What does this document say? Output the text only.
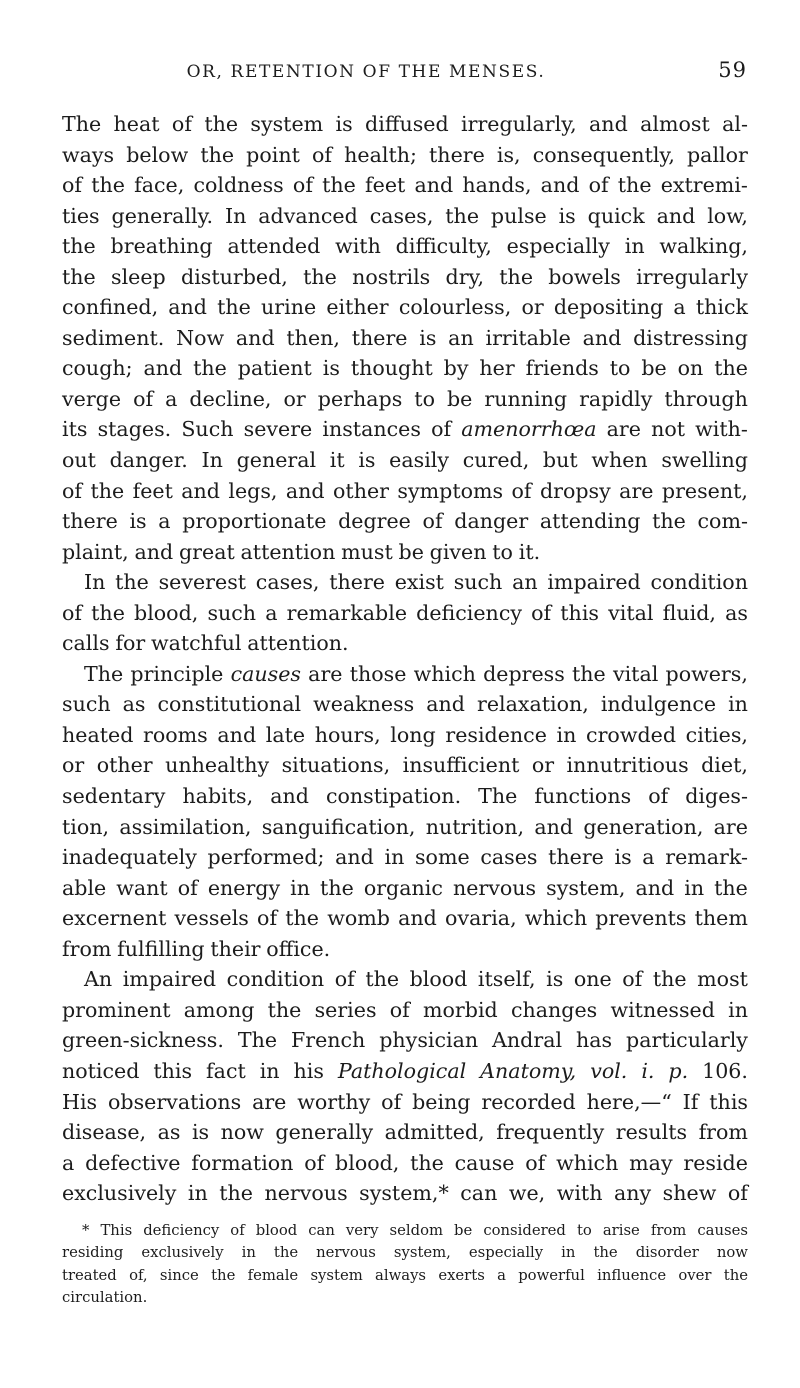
OR, RETENTION OF THE MENSES.	59
The heat of the system is diffused irregularly, and almost al-
ways below the point of health; there is, consequently, pallor
of the face, coldness of the feet and hands, and of the extremi-
ties generally. In advanced cases, the pulse is quick and low,
the breathing attended with difficulty, especially in walking,
the sleep disturbed, the nostrils dry, the bowels irregularly
confined, and the urine either colourless, or depositing a thick
sediment. Now and then, there is an irritable and distressing
cough; and the patient is thought by her friends to be on the
verge of a decline, or perhaps to be running rapidly through
its stages. Such severe instances of amenorrhœa are not with-
out danger. In general it is easily cured, but when swelling
of the feet and legs, and other symptoms of dropsy are present,
there is a proportionate degree of danger attending the com-
plaint, and great attention must be given to it.
In the severest cases, there exist such an impaired condition
of the blood, such a remarkable deficiency of this vital fluid, as
calls for watchful attention.
The principle causes are those which depress the vital powers,
such as constitutional weakness and relaxation, indulgence in
heated rooms and late hours, long residence in crowded cities,
or other unhealthy situations, insufficient or innutritious diet,
sedentary habits, and constipation. The functions of diges-
tion, assimilation, sanguification, nutrition, and generation, are
inadequately performed; and in some cases there is a remark-
able want of energy in the organic nervous system, and in the
excernent vessels of the womb and ovaria, which prevents them
from fulfilling their office.
An impaired condition of the blood itself, is one of the most
prominent among the series of morbid changes witnessed in
green-sickness. The French physician Andral has particularly
noticed this fact in his Pathological Anatomy, vol. i. p. 106.
His observations are worthy of being recorded here,—“ If this
disease, as is now generally admitted, frequently results from
a defective formation of blood, the cause of which may reside
exclusively in the nervous system,* can we, with any shew of
* This deficiency of blood can very seldom be considered to arise from causes
residing exclusively in the nervous system, especially in the disorder now
treated of, since the female system always exerts a powerful influence over the
circulation.
